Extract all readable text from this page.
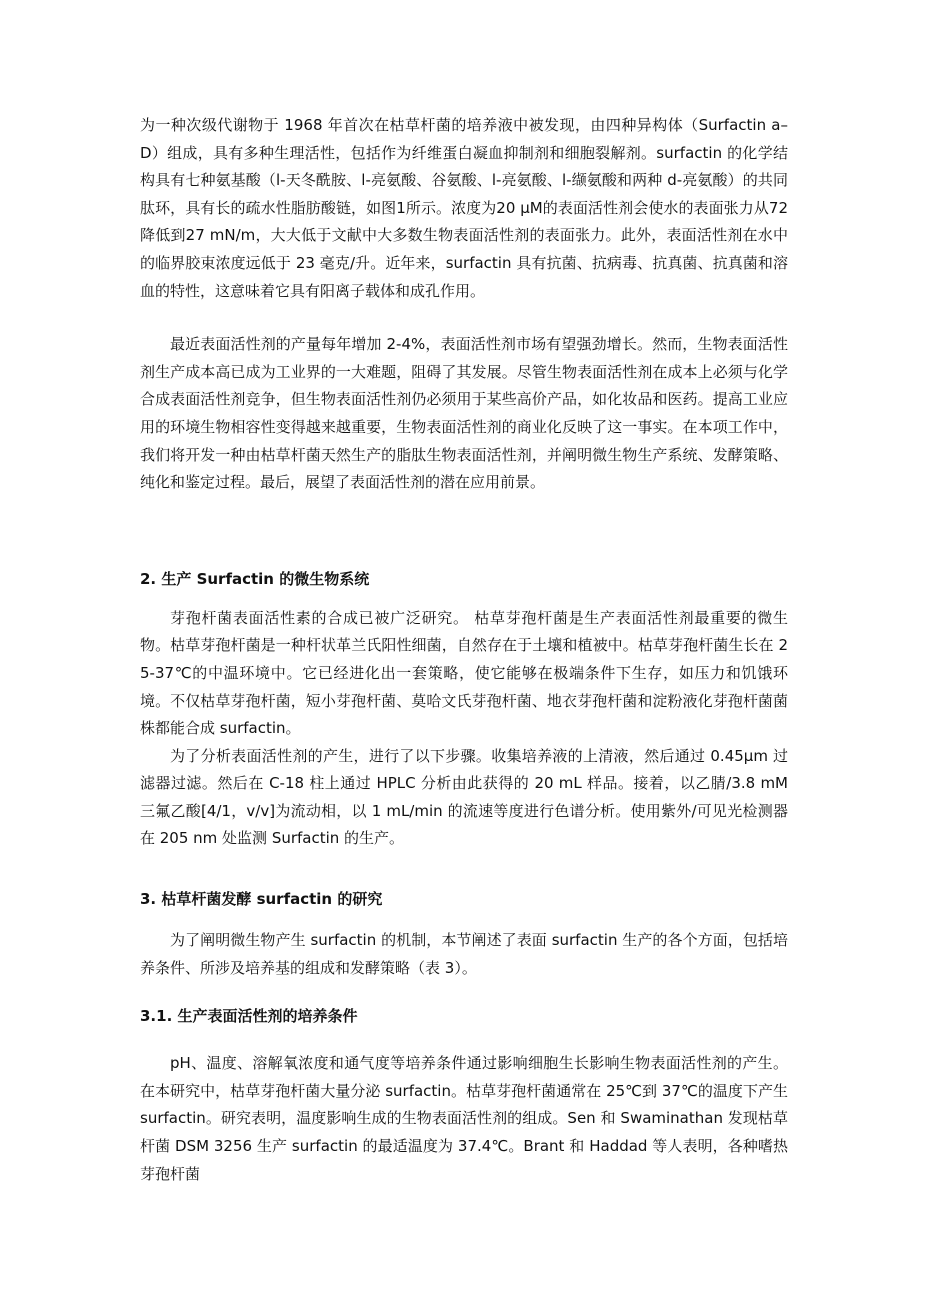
为一种次级代谢物于 1968 年首次在枯草杆菌的培养液中被发现，由四种异构体（Surfactin a–D）组成，具有多种生理活性，包括作为纤维蛋白凝血抑制剂和细胞裂解剂。surfactin 的化学结构具有七种氨基酸（l-天冬酰胺、l-亮氨酸、谷氨酸、l-亮氨酸、l-缬氨酸和两种 d-亮氨酸）的共同肽环，具有长的疏水性脂肪酸链，如图1所示。浓度为20 μM的表面活性剂会使水的表面张力从72降低到27 mN/m，大大低于文献中大多数生物表面活性剂的表面张力。此外，表面活性剂在水中的临界胶束浓度远低于 23 毫克/升。近年来，surfactin 具有抗菌、抗病毒、抗真菌、抗真菌和溶血的特性，这意味着它具有阳离子载体和成孔作用。

最近表面活性剂的产量每年增加 2-4%，表面活性剂市场有望强劲增长。然而，生物表面活性剂生产成本高已成为工业界的一大难题，阻碍了其发展。尽管生物表面活性剂在成本上必须与化学合成表面活性剂竞争，但生物表面活性剂仍必须用于某些高价产品，如化妆品和医药。提高工业应用的环境生物相容性变得越来越重要，生物表面活性剂的商业化反映了这一事实。在本项工作中，我们将开发一种由枯草杆菌天然生产的脂肽生物表面活性剂，并阐明微生物生产系统、发酵策略、纯化和鉴定过程。最后，展望了表面活性剂的潜在应用前景。

2. 生产 Surfactin 的微生物系统

芽孢杆菌表面活性素的合成已被广泛研究。 枯草芽孢杆菌是生产表面活性剂最重要的微生物。枯草芽孢杆菌是一种杆状革兰氏阳性细菌，自然存在于土壤和植被中。枯草芽孢杆菌生长在 25-37℃的中温环境中。它已经进化出一套策略，使它能够在极端条件下生存，如压力和饥饿环境。不仅枯草芽孢杆菌，短小芽孢杆菌、莫哈文氏芽孢杆菌、地衣芽孢杆菌和淀粉液化芽孢杆菌菌株都能合成 surfactin。

为了分析表面活性剂的产生，进行了以下步骤。收集培养液的上清液，然后通过 0.45μm 过滤器过滤。然后在 C-18 柱上通过 HPLC 分析由此获得的 20 mL 样品。接着，以乙腈/3.8 mM 三氟乙酸[4/1，v/v]为流动相，以 1 mL/min 的流速等度进行色谱分析。使用紫外/可见光检测器在 205 nm 处监测 Surfactin 的生产。

3. 枯草杆菌发酵 surfactin 的研究

为了阐明微生物产生 surfactin 的机制，本节阐述了表面 surfactin 生产的各个方面，包括培养条件、所涉及培养基的组成和发酵策略（表 3）。

3.1. 生产表面活性剂的培养条件

pH、温度、溶解氧浓度和通气度等培养条件通过影响细胞生长影响生物表面活性剂的产生。在本研究中，枯草芽孢杆菌大量分泌 surfactin。枯草芽孢杆菌通常在 25℃到 37℃的温度下产生 surfactin。研究表明，温度影响生成的生物表面活性剂的组成。Sen 和 Swaminathan 发现枯草杆菌 DSM 3256 生产 surfactin 的最适温度为 37.4℃。Brant 和 Haddad 等人表明，各种嗜热芽孢杆菌
